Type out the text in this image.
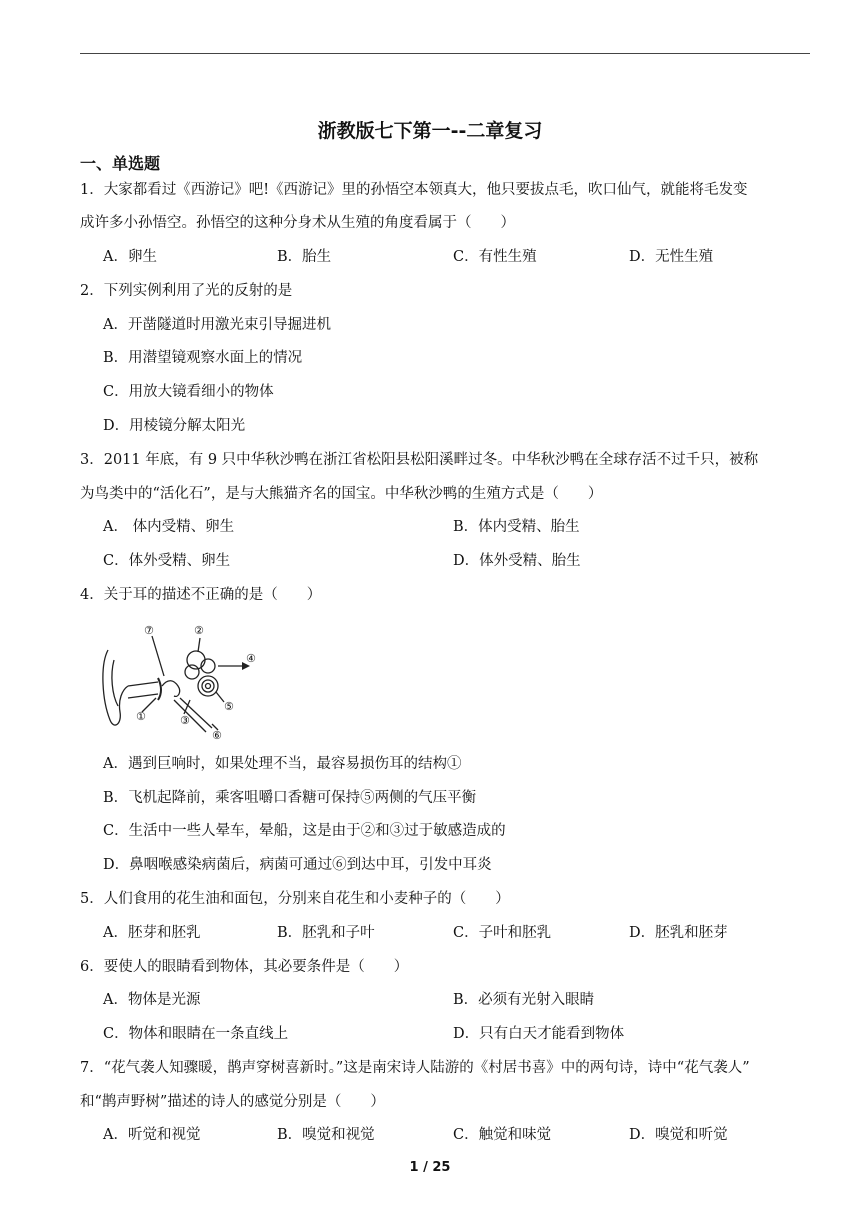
浙教版七下第一--二章复习
一、单选题
1．大家都看过《西游记》吧!《西游记》里的孙悟空本领真大，他只要拔点毛，吹口仙气，就能将毛发变
成许多小孙悟空。孙悟空的这种分身术从生殖的角度看属于（　　）
A．卵生	B．胎生	C．有性生殖	D．无性生殖
2．下列实例利用了光的反射的是
A．开凿隧道时用激光束引导掘进机
B．用潜望镜观察水面上的情况
C．用放大镜看细小的物体
D．用棱镜分解太阳光
3．2011 年底，有 9 只中华秋沙鸭在浙江省松阳县松阳溪畔过冬。中华秋沙鸭在全球存活不过千只，被称
为鸟类中的“活化石”，是与大熊猫齐名的国宝。中华秋沙鸭的生殖方式是（　　）
A． 体内受精、卵生	B．体内受精、胎生
C．体外受精、卵生	D．体外受精、胎生
4．关于耳的描述不正确的是（　　）
⑦	②
④
①	③
⑤
⑥
A．遇到巨响时，如果处理不当，最容易损伤耳的结构①
B．飞机起降前，乘客咀嚼口香糖可保持⑤两侧的气压平衡
C．生活中一些人晕车，晕船，这是由于②和③过于敏感造成的
D．鼻咽喉感染病菌后，病菌可通过⑥到达中耳，引发中耳炎
5．人们食用的花生油和面包，分别来自花生和小麦种子的（　　）
A．胚芽和胚乳	B．胚乳和子叶	C．子叶和胚乳	D．胚乳和胚芽
6．要使人的眼睛看到物体，其必要条件是（　　）
A．物体是光源	B．必须有光射入眼睛
C．物体和眼睛在一条直线上	D．只有白天才能看到物体
7．“花气袭人知骤暖，鹊声穿树喜新时。”这是南宋诗人陆游的《村居书喜》中的两句诗，诗中“花气袭人”
和“鹊声野树”描述的诗人的感觉分别是（　　）
A．听觉和视觉	B．嗅觉和视觉	C．触觉和味觉	D．嗅觉和听觉
1 / 25
